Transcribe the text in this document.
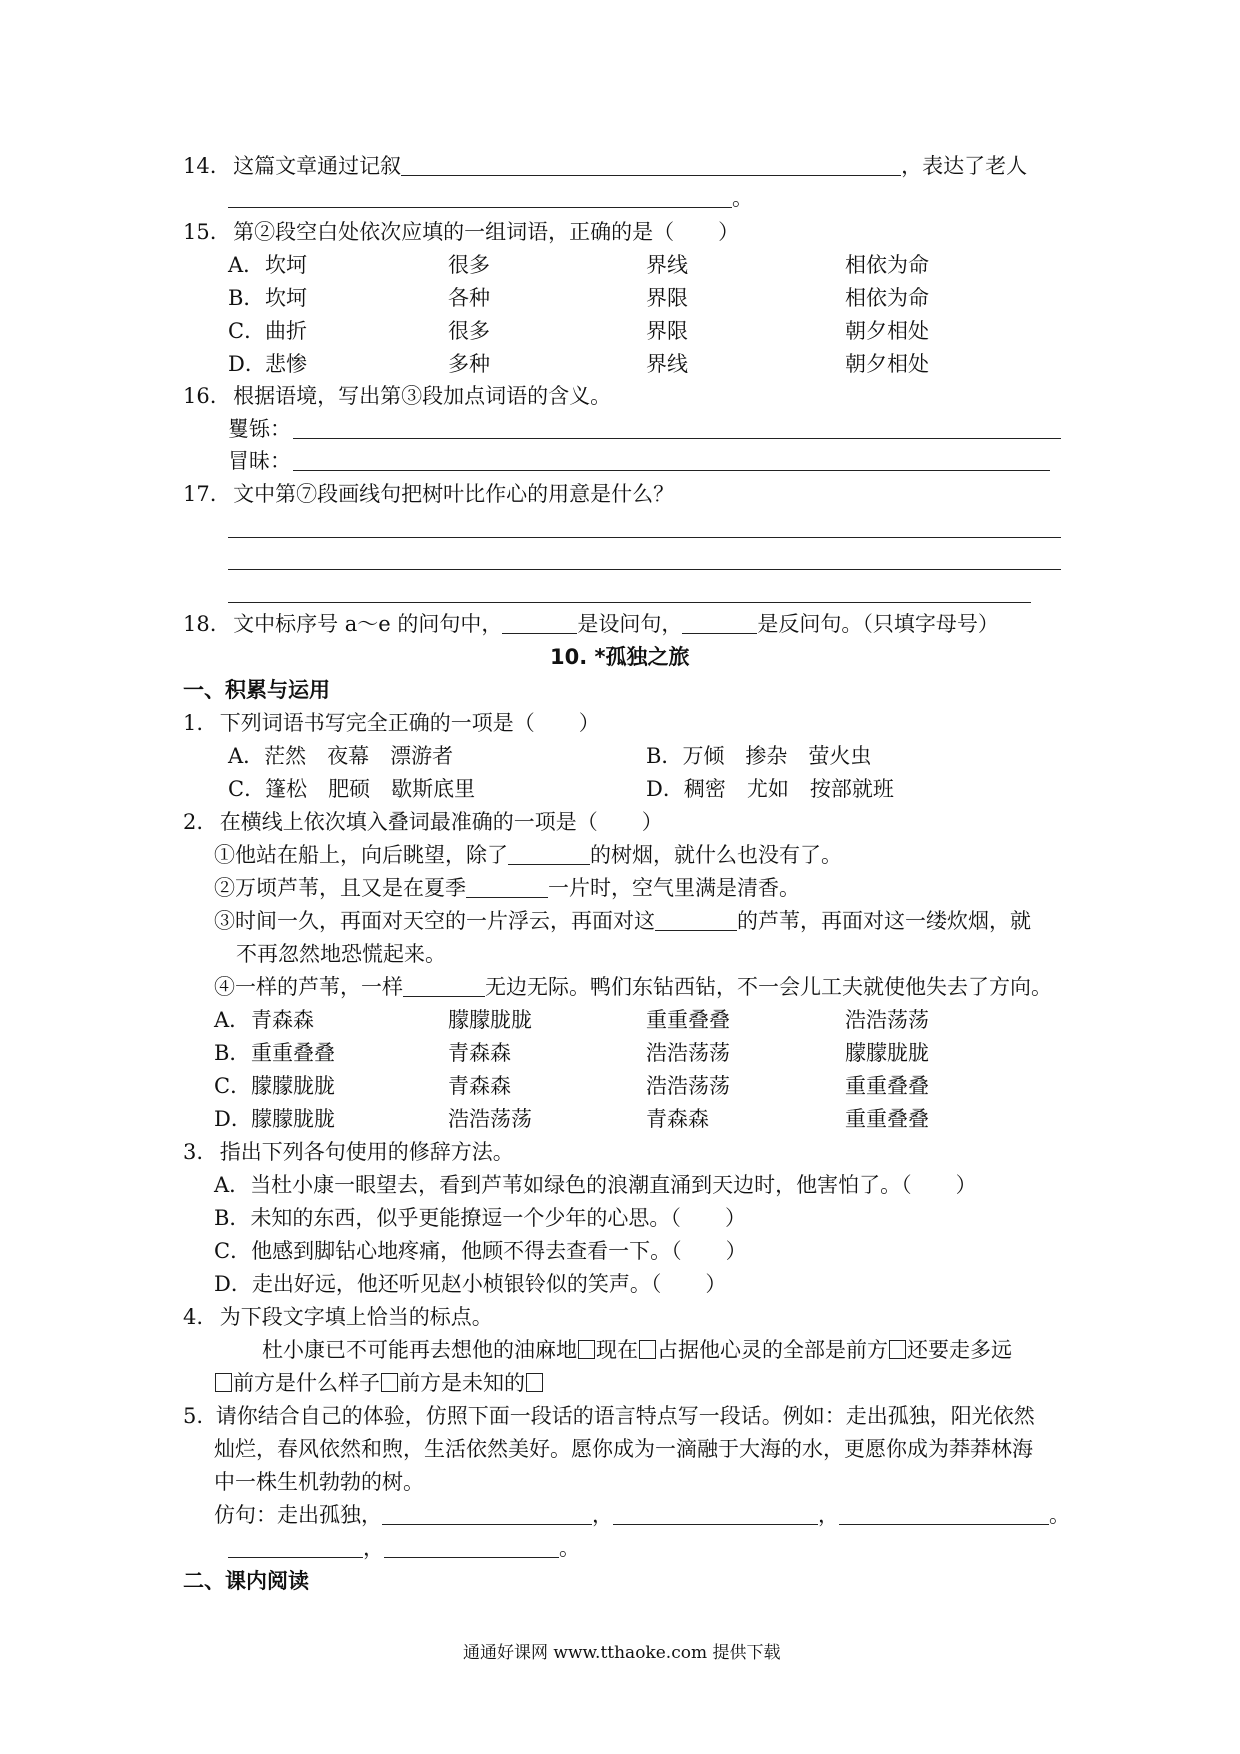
14. 这篇文章通过记叙	，表达了老人
。
15. 第②段空白处依次应填的一组词语，正确的是（ ）
A． 坎坷	很多	界线	相依为命
B． 坎坷	各种	界限	相依为命
C． 曲折	很多	界限	朝夕相处
D． 悲惨	多种	界线	朝夕相处
16. 根据语境，写出第③段加点词语的含义。
矍铄：
冒昧：
17. 文中第⑦段画线句把树叶比作心的用意是什么？
18. 文中标序号 a～e 的问句中，	是设问句，	是反问句。（只填字母号）
10. *孤独之旅
一、积累与运用
1. 下列词语书写完全正确的一项是（ ）
A．茫然　夜幕　漂游者	B．万倾　掺杂　萤火虫
C．篷松　肥硕　歇斯底里	D．稠密　尤如　按部就班
2. 在横线上依次填入叠词最准确的一项是（ ）
①他站在船上，向后眺望，除了	的树烟，就什么也没有了。
②万顷芦苇，且又是在夏季	一片时，空气里满是清香。
③时间一久，再面对天空的一片浮云，再面对这	的芦苇，再面对这一缕炊烟，就
不再忽然地恐慌起来。
④一样的芦苇，一样	无边无际。鸭们东钻西钻，不一会儿工夫就使他失去了方向。
A． 青森森	朦朦胧胧	重重叠叠	浩浩荡荡
B． 重重叠叠	青森森	浩浩荡荡	朦朦胧胧
C． 朦朦胧胧	青森森	浩浩荡荡	重重叠叠
D． 朦朦胧胧	浩浩荡荡	青森森	重重叠叠
3. 指出下列各句使用的修辞方法。
A．当杜小康一眼望去，看到芦苇如绿色的浪潮直涌到天边时，他害怕了。（ ）
B．未知的东西，似乎更能撩逗一个少年的心思。（ ）
C．他感到脚钻心地疼痛，他顾不得去查看一下。（ ）
D．走出好远，他还听见赵小桢银铃似的笑声。（ ）
4. 为下段文字填上恰当的标点。
杜小康已不可能再去想他的油麻地 现在 占据他心灵的全部是前方 还要走多远
前方是什么样子 前方是未知的
5. 请你结合自己的体验，仿照下面一段话的语言特点写一段话。例如：走出孤独，阳光依然
灿烂，春风依然和煦，生活依然美好。愿你成为一滴融于大海的水，更愿你成为莽莽林海
中一株生机勃勃的树。
仿句：走出孤独，	，	，	。
，	。
二、课内阅读
通通好课网 www.tthaoke.com 提供下载
